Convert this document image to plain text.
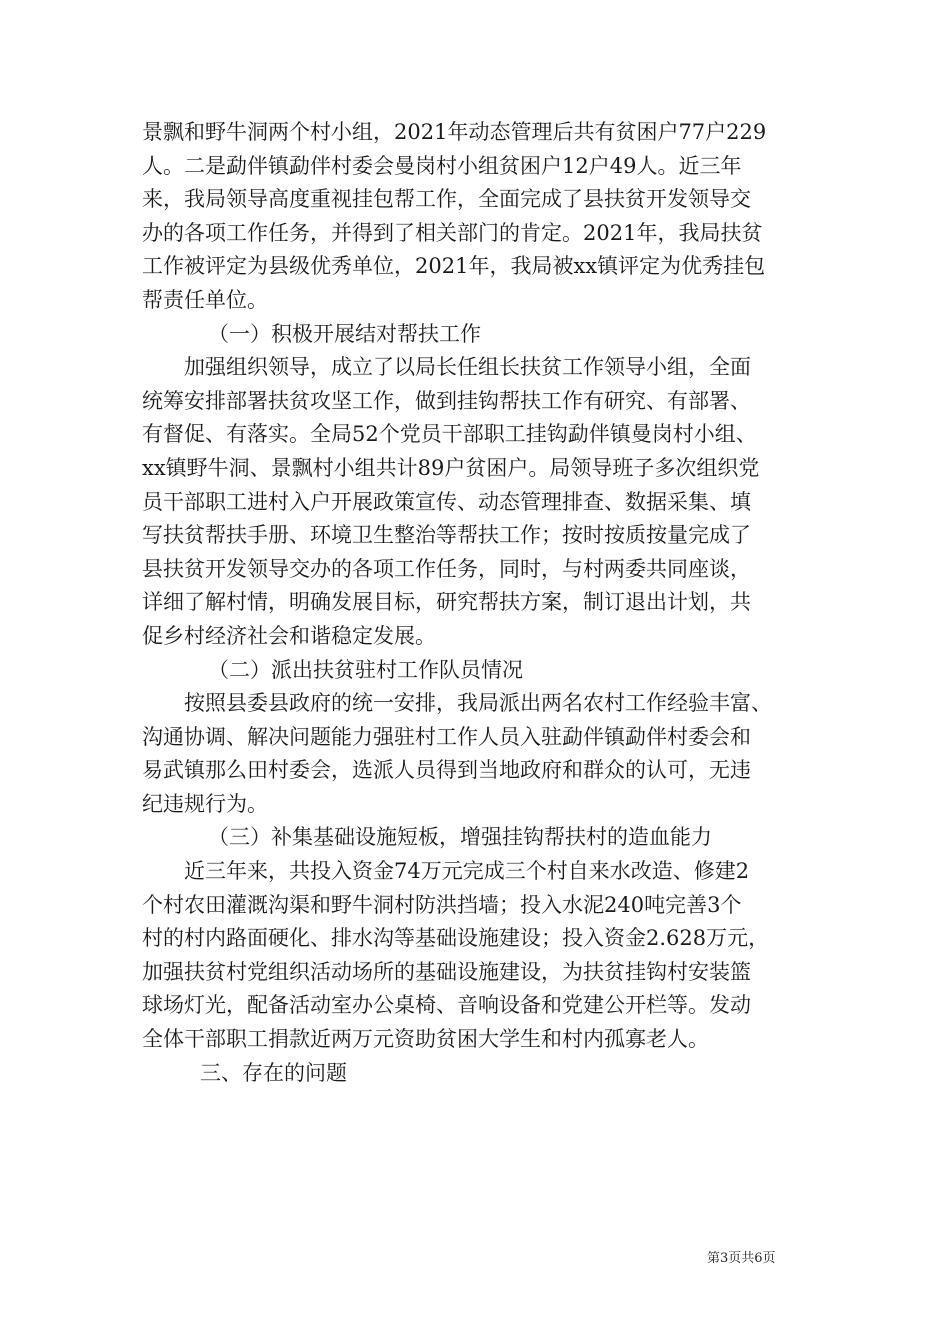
景飘和野牛洞两个村小组，2021年动态管理后共有贫困户77户229
人。二是勐伴镇勐伴村委会曼岗村小组贫困户12户49人。近三年
来，我局领导高度重视挂包帮工作，全面完成了县扶贫开发领导交
办的各项工作任务，并得到了相关部门的肯定。2021年，我局扶贫
工作被评定为县级优秀单位，2021年，我局被xx镇评定为优秀挂包
帮责任单位。
（一）积极开展结对帮扶工作
加强组织领导，成立了以局长任组长扶贫工作领导小组，全面
统筹安排部署扶贫攻坚工作，做到挂钩帮扶工作有研究、有部署、
有督促、有落实。全局52个党员干部职工挂钩勐伴镇曼岗村小组、
xx镇野牛洞、景飘村小组共计89户贫困户。局领导班子多次组织党
员干部职工进村入户开展政策宣传、动态管理排查、数据采集、填
写扶贫帮扶手册、环境卫生整治等帮扶工作；按时按质按量完成了
县扶贫开发领导交办的各项工作任务，同时，与村两委共同座谈，
详细了解村情，明确发展目标，研究帮扶方案，制订退出计划，共
促乡村经济社会和谐稳定发展。
（二）派出扶贫驻村工作队员情况
按照县委县政府的统一安排，我局派出两名农村工作经验丰富、
沟通协调、解决问题能力强驻村工作人员入驻勐伴镇勐伴村委会和
易武镇那么田村委会，选派人员得到当地政府和群众的认可，无违
纪违规行为。
（三）补集基础设施短板，增强挂钩帮扶村的造血能力
近三年来，共投入资金74万元完成三个村自来水改造、修建2
个村农田灌溉沟渠和野牛洞村防洪挡墙；投入水泥240吨完善3个
村的村内路面硬化、排水沟等基础设施建设；投入资金2.628万元，
加强扶贫村党组织活动场所的基础设施建设，为扶贫挂钩村安装篮
球场灯光，配备活动室办公桌椅、音响设备和党建公开栏等。发动
全体干部职工捐款近两万元资助贫困大学生和村内孤寡老人。
三、存在的问题
第3页共6页
